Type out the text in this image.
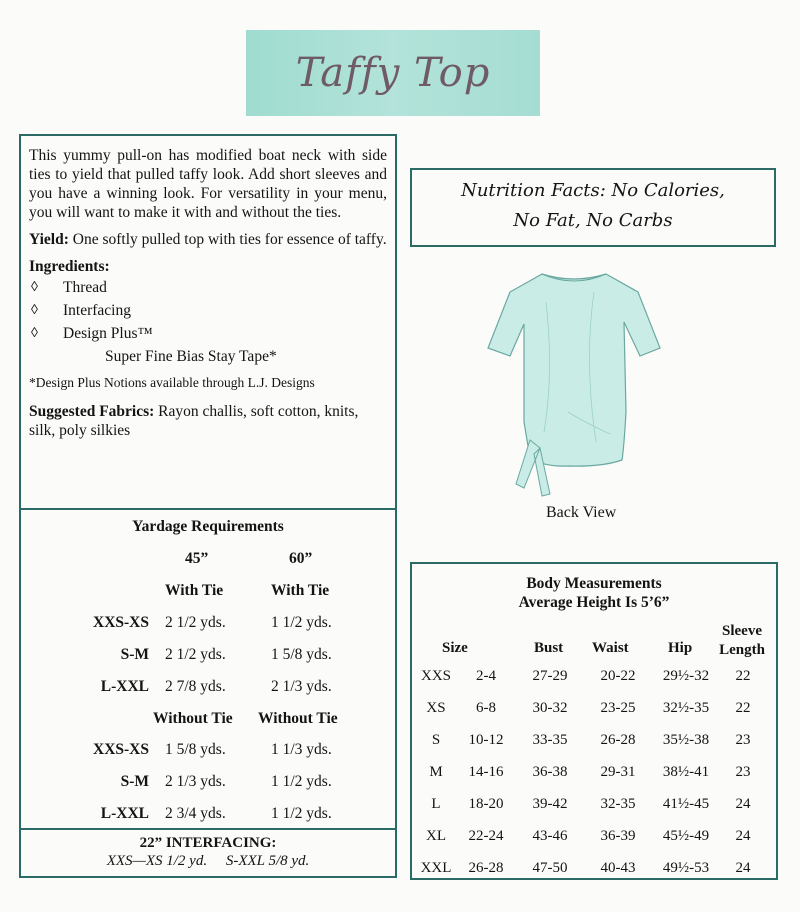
Taffy Top

This yummy pull-on has modified boat neck with side ties to yield that pulled taffy look. Add short sleeves and you have a winning look. For versatility in your menu, you will want to make it with and without the ties.

Yield: One softly pulled top with ties for essence of taffy.

Ingredients:
◊ Thread
◊ Interfacing
◊ Design Plus™
Super Fine Bias Stay Tape*
*Design Plus Notions available through L.J. Designs

Suggested Fabrics: Rayon challis, soft cotton, knits, silk, poly silkies

Yardage Requirements
45”	60”
With Tie	With Tie
XXS-XS 2 1/2 yds.	1 1/2 yds.
S-M 2 1/2 yds.	1 5/8 yds.
L-XXL 2 7/8 yds.	2 1/3 yds.
Without Tie Without Tie
XXS-XS 1 5/8 yds.	1 1/3 yds.
S-M 2 1/3 yds.	1 1/2 yds.
L-XXL 2 3/4 yds.	1 1/2 yds.
22” INTERFACING:
XXS—XS 1/2 yd.     S-XXL 5/8 yd.
Nutrition Facts: No Calories,
No Fat, No Carbs
Back View
Body Measurements
Average Height Is 5’6”
Size	Bust Waist	Hip
Sleeve
Length
XXS	2-4	27-29	20-22	29½-32	22
XS	6-8	30-32	23-25	32½-35	22
S	10-12	33-35	26-28	35½-38	23
M	14-16	36-38	29-31	38½-41	23
L	18-20	39-42	32-35	41½-45	24
XL	22-24	43-46	36-39	45½-49	24
XXL	26-28	47-50	40-43	49½-53	24
